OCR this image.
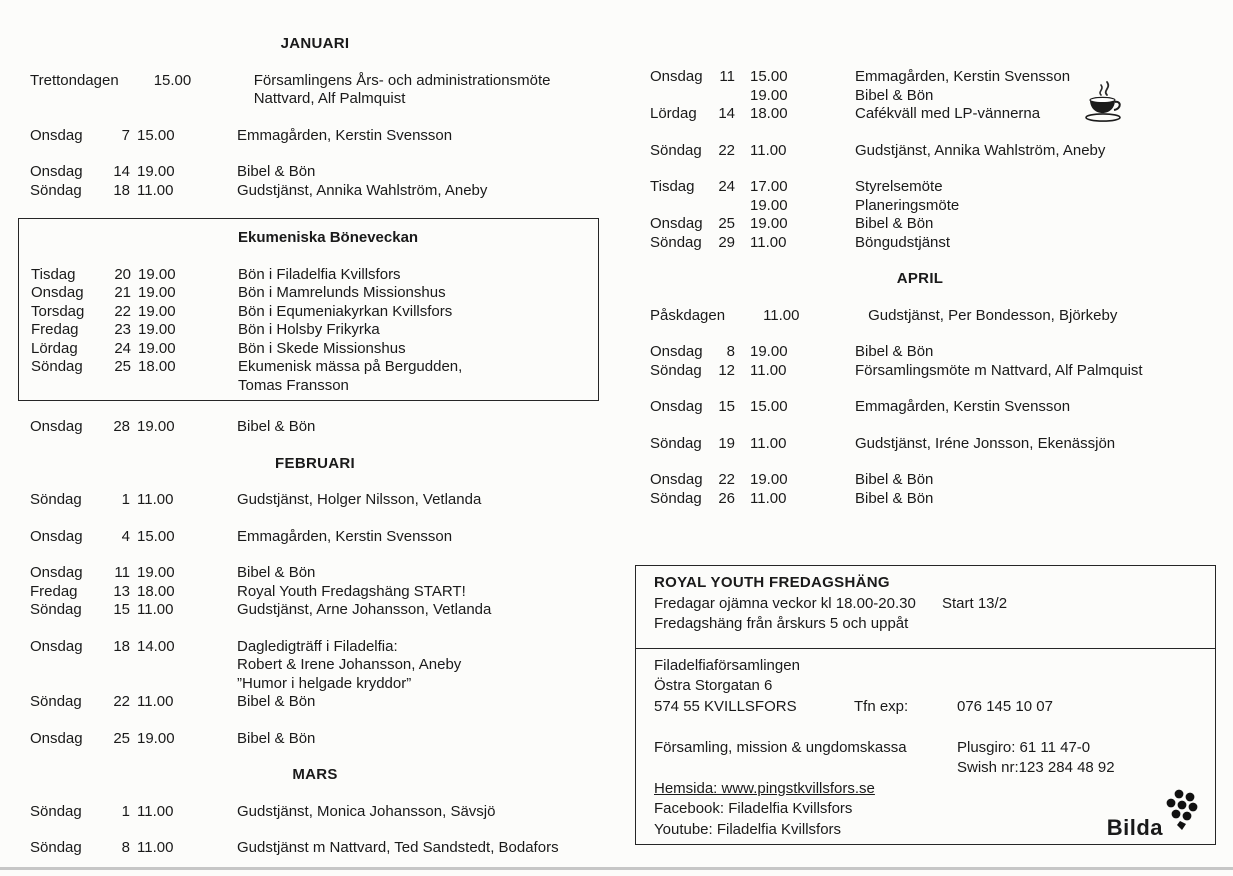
JANUARI
Trettondagen 15.00	Församlingens Års- och administrationsmöte
Nattvard, Alf Palmquist
Onsdag	7 15.00	Emmagården, Kerstin Svensson
Onsdag	14 19.00	Bibel & Bön
Söndag	18 11.00	Gudstjänst, Annika Wahlström, Aneby
Ekumeniska Böneveckan
Tisdag	20 19.00	Bön i Filadelfia Kvillsfors
Onsdag	21 19.00	Bön i Mamrelunds Missionshus
Torsdag	22 19.00	Bön i Equmeniakyrkan Kvillsfors
Fredag	23 19.00	Bön i Holsby Frikyrka
Lördag	24 19.00	Bön i Skede Missionshus
Söndag	25 18.00	Ekumenisk mässa på Bergudden,
Tomas Fransson
Onsdag	28 19.00	Bibel & Bön
FEBRUARI
Söndag	1 11.00	Gudstjänst, Holger Nilsson, Vetlanda
Onsdag	4 15.00	Emmagården, Kerstin Svensson
Onsdag	11 19.00	Bibel & Bön
Fredag	13 18.00	Royal Youth Fredagshäng START!
Söndag	15 11.00	Gudstjänst, Arne Johansson, Vetlanda
Onsdag	18 14.00	Dagledigträff i Filadelfia:
Robert & Irene Johansson, Aneby
”Humor i helgade kryddor”
Söndag	22 11.00	Bibel & Bön
Onsdag	25 19.00	Bibel & Bön
MARS
Söndag	1 11.00	Gudstjänst, Monica Johansson, Sävsjö
Söndag	8 11.00	Gudstjänst m Nattvard, Ted Sandstedt, Bodafors
Onsdag	11 15.00	Emmagården, Kerstin Svensson
19.00	Bibel & Bön
Lördag	14 18.00	Cafékväll med LP-vännerna
Söndag	22 11.00	Gudstjänst, Annika Wahlström, Aneby
Tisdag	24 17.00	Styrelsemöte
19.00	Planeringsmöte
Onsdag	25 19.00	Bibel & Bön
Söndag	29 11.00	Böngudstjänst
APRIL
Påskdagen	11.00	Gudstjänst, Per Bondesson, Björkeby
Onsdag	8 19.00	Bibel & Bön
Söndag	12 11.00	Församlingsmöte m Nattvard, Alf Palmquist
Onsdag	15 15.00	Emmagården, Kerstin Svensson
Söndag	19 11.00	Gudstjänst, Iréne Jonsson, Ekenässjön
Onsdag	22 19.00	Bibel & Bön
Söndag	26 11.00	Bibel & Bön
ROYAL YOUTH FREDAGSHÄNG
Fredagar ojämna veckor kl 18.00-20.30 Start 13/2
Fredagshäng från årskurs 5 och uppåt
Filadelfiaförsamlingen
Östra Storgatan 6
574 55 KVILLSFORS	Tfn exp:	076 145 10 07
Församling, mission & ungdomskassa	Plusgiro: 61 11 47-0
Swish nr:123 284 48 92
Hemsida: www.pingstkvillsfors.se
Facebook: Filadelfia Kvillsfors
Youtube: Filadelfia Kvillsfors	Bilda
